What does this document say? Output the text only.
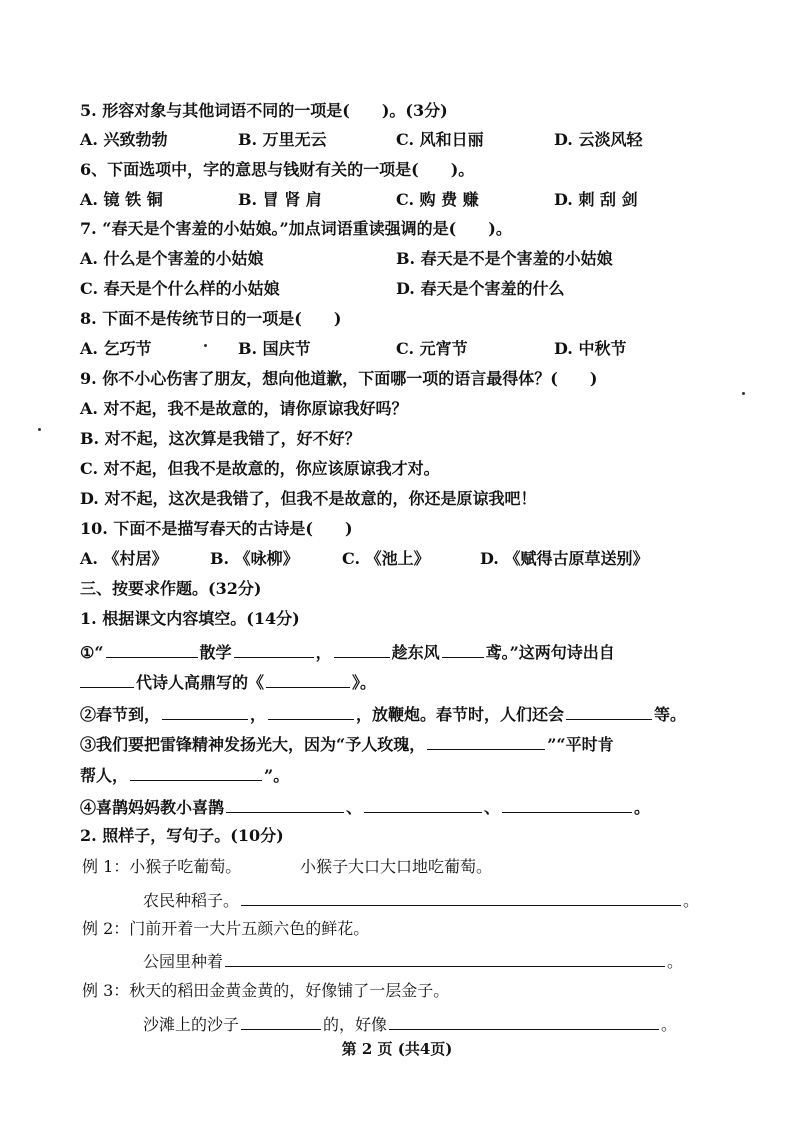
5. 形容对象与其他词语不同的一项是(　　)。(3分)
A. 兴致勃勃	B. 万里无云	C. 风和日丽	D. 云淡风轻
6、下面选项中，字的意思与钱财有关的一项是(　　)。
A. 镜 铁 铜	B. 冒 肾 肩	C. 购 费 赚	D. 刺 刮 剑
7. “春天是个害羞的小姑娘。”加点词语重读强调的是(　　)。
A. 什么是个害羞的小姑娘	B. 春天是不是个害羞的小姑娘
C. 春天是个什么样的小姑娘	D. 春天是个害羞的什么
8. 下面不是传统节日的一项是(　　)
A. 乞巧节	B. 国庆节	C. 元宵节	D. 中秋节
9. 你不小心伤害了朋友，想向他道歉，下面哪一项的语言最得体？(　　)
A. 对不起，我不是故意的，请你原谅我好吗？
B. 对不起，这次算是我错了，好不好？
C. 对不起，但我不是故意的，你应该原谅我才对。
D. 对不起，这次是我错了，但我不是故意的，你还是原谅我吧！
10. 下面不是描写春天的古诗是(　　)
A. 《村居》	B. 《咏柳》	C. 《池上》	D. 《赋得古原草送别》
三、按要求作题。(32分)
1. 根据课文内容填空。(14分)
①“	散学	，	趁东风	鸢。”这两句诗出自
代诗人高鼎写的《	》。
②春节到，	，	，放鞭炮。春节时，人们还会	等。
③我们要把雷锋精神发扬光大，因为“予人玫瑰，	”“平时肯
帮人，	”。
④喜鹊妈妈教小喜鹊	、	、	。
2. 照样子，写句子。(10分)
例 1：小猴子吃葡萄。	小猴子大口大口地吃葡萄。
农民种稻子。	。
例 2：门前开着一大片五颜六色的鲜花。
公园里种着	。
例 3：秋天的稻田金黄金黄的，好像铺了一层金子。
沙滩上的沙子	的，好像	。
第 2 页 (共4页)
